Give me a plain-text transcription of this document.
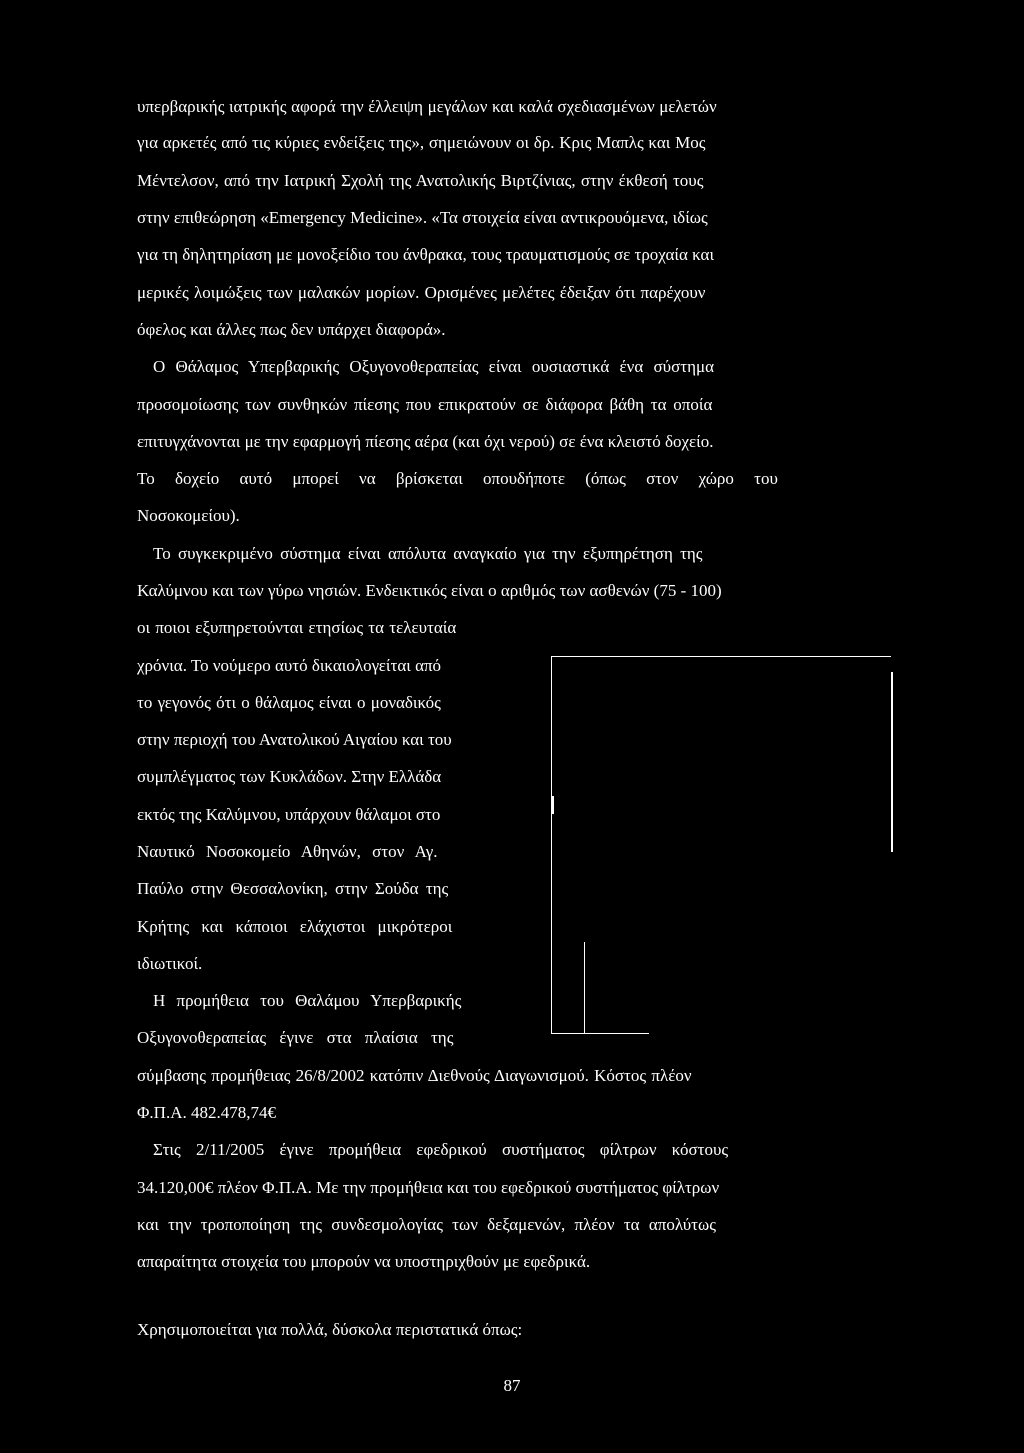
υπερβαρικής ιατρικής αφορά την έλλειψη μεγάλων και καλά σχεδιασμένων μελετών
για αρκετές από τις κύριες ενδείξεις της», σημειώνουν οι δρ. Κρις Μαπλς και Μος
Μέντελσον, από την Ιατρική Σχολή της Ανατολικής Βιρτζίνιας, στην έκθεσή τους
στην επιθεώρηση «Emergency Medicine». «Τα στοιχεία είναι αντικρουόμενα, ιδίως
για τη δηλητηρίαση με μονοξείδιο του άνθρακα, τους τραυματισμούς σε τροχαία και
μερικές λοιμώξεις των μαλακών μορίων. Ορισμένες μελέτες έδειξαν ότι παρέχουν
όφελος και άλλες πως δεν υπάρχει διαφορά».
Ο Θάλαμος Υπερβαρικής Οξυγονοθεραπείας είναι ουσιαστικά ένα σύστημα
προσομοίωσης των συνθηκών πίεσης που επικρατούν σε διάφορα βάθη τα οποία
επιτυγχάνονται με την εφαρμογή πίεσης αέρα (και όχι νερού) σε ένα κλειστό δοχείο.
Το δοχείο αυτό μπορεί να βρίσκεται οπουδήποτε (όπως στον χώρο του
Νοσοκομείου).
Το συγκεκριμένο σύστημα είναι απόλυτα αναγκαίο για την εξυπηρέτηση της
Καλύμνου και των γύρω νησιών. Ενδεικτικός είναι ο αριθμός των ασθενών (75 - 100)
οι ποιοι εξυπηρετούνται ετησίως τα τελευταία
χρόνια. Το νούμερο αυτό δικαιολογείται από
το γεγονός ότι ο θάλαμος είναι ο μοναδικός
στην περιοχή του Ανατολικού Αιγαίου και του
συμπλέγματος των Κυκλάδων. Στην Ελλάδα
εκτός της Καλύμνου, υπάρχουν θάλαμοι στο
Ναυτικό Νοσοκομείο Αθηνών, στον Αγ.
Παύλο στην Θεσσαλονίκη, στην Σούδα της
Κρήτης και κάποιοι ελάχιστοι μικρότεροι
ιδιωτικοί.
Η προμήθεια του Θαλάμου Υπερβαρικής
Οξυγονοθεραπείας έγινε στα πλαίσια της
σύμβασης προμήθειας 26/8/2002 κατόπιν Διεθνούς Διαγωνισμού. Κόστος πλέον
Φ.Π.Α. 482.478,74€
Στις 2/11/2005 έγινε προμήθεια εφεδρικού συστήματος φίλτρων κόστους
34.120,00€ πλέον Φ.Π.Α. Με την προμήθεια και του εφεδρικού συστήματος φίλτρων
και την τροποποίηση της συνδεσμολογίας των δεξαμενών, πλέον τα απολύτως
απαραίτητα στοιχεία του μπορούν να υποστηριχθούν με εφεδρικά.
Χρησιμοποιείται για πολλά, δύσκολα περιστατικά όπως:
87
